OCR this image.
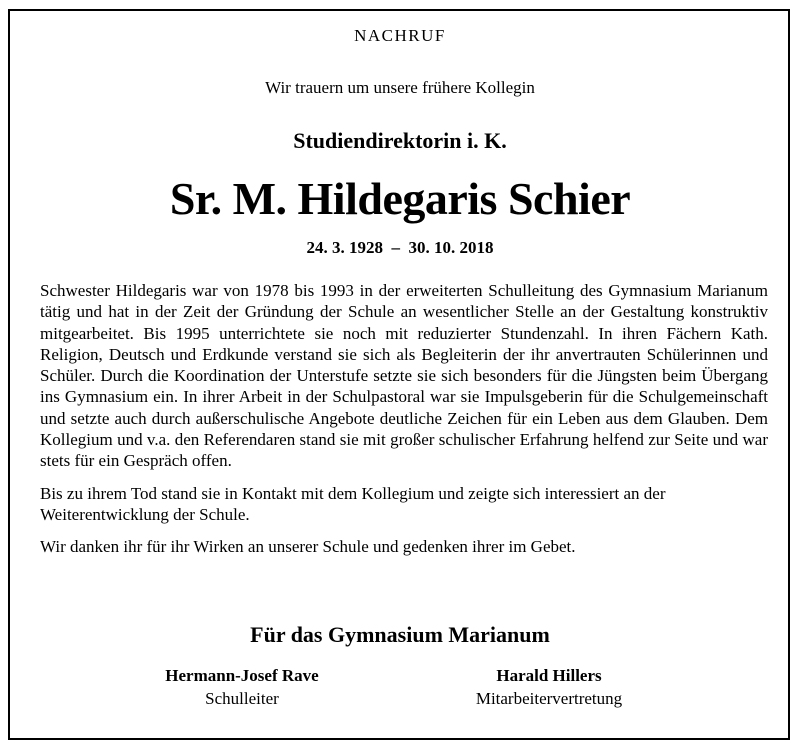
NACHRUF
Wir trauern um unsere frühere Kollegin
Studiendirektorin i. K.
Sr. M. Hildegaris Schier
24. 3. 1928  –  30. 10. 2018

Schwester Hildegaris war von 1978 bis 1993 in der erweiterten Schulleitung des Gymnasium Marianum tätig und hat in der Zeit der Gründung der Schule an wesentlicher Stelle an der Gestaltung konstruktiv mitgearbeitet. Bis 1995 unterrichtete sie noch mit reduzierter Stundenzahl. In ihren Fächern Kath. Religion, Deutsch und Erdkunde verstand sie sich als Begleiterin der ihr anvertrauten Schülerinnen und Schüler. Durch die Koordination der Unterstufe setzte sie sich besonders für die Jüngsten beim Übergang ins Gymnasium ein. In ihrer Arbeit in der Schulpastoral war sie Impulsgeberin für die Schulgemeinschaft und setzte auch durch außerschulische Angebote deutliche Zeichen für ein Leben aus dem Glauben. Dem Kollegium und v.a. den Referendaren stand sie mit großer schulischer Erfahrung helfend zur Seite und war stets für ein Gespräch offen.

Bis zu ihrem Tod stand sie in Kontakt mit dem Kollegium und zeigte sich interessiert an der Weiterentwicklung der Schule.

Wir danken ihr für ihr Wirken an unserer Schule und gedenken ihrer im Gebet.

Für das Gymnasium Marianum
Hermann-Josef Rave
Schulleiter
Harald Hillers
Mitarbeitervertretung
